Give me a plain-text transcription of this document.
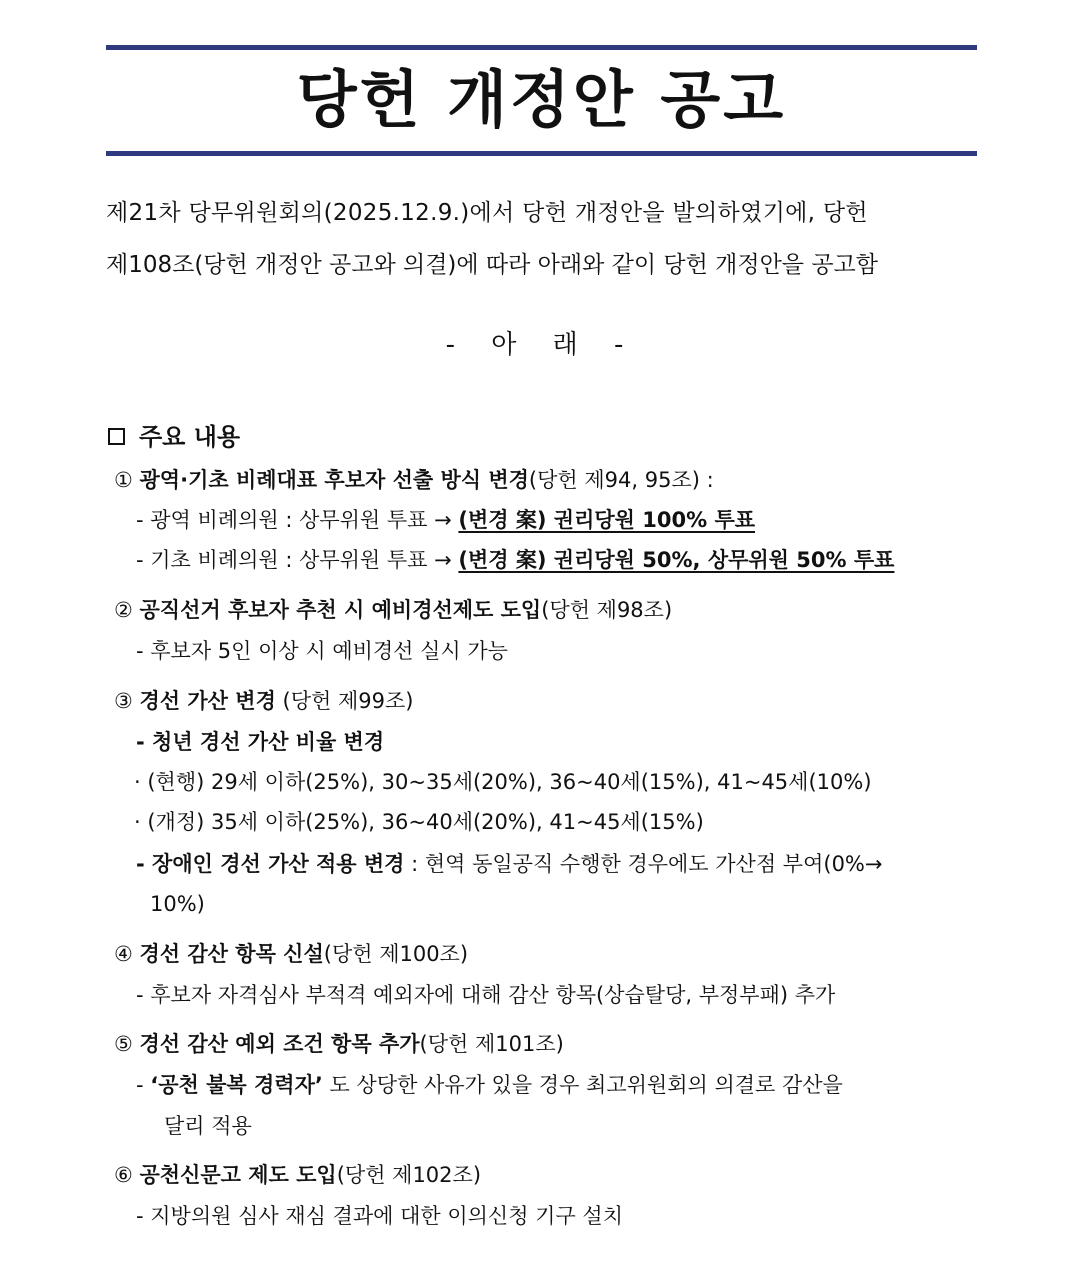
당헌 개정안 공고
제21차 당무위원회의(2025.12.9.)에서 당헌 개정안을 발의하였기에, 당헌
제108조(당헌 개정안 공고와 의결)에 따라 아래와 같이 당헌 개정안을 공고함
- 아 래 -
주요 내용
① 광역·기초 비례대표 후보자 선출 방식 변경(당헌 제94, 95조) :
- 광역 비례의원 : 상무위원 투표 → (변경 案) 권리당원 100% 투표
- 기초 비례의원 : 상무위원 투표 → (변경 案) 권리당원 50%, 상무위원 50% 투표
② 공직선거 후보자 추천 시 예비경선제도 도입(당헌 제98조)
- 후보자 5인 이상 시 예비경선 실시 가능
③ 경선 가산 변경 (당헌 제99조)
- 청년 경선 가산 비율 변경
· (현행) 29세 이하(25%), 30~35세(20%), 36~40세(15%), 41~45세(10%)
· (개정) 35세 이하(25%), 36~40세(20%), 41~45세(15%)
- 장애인 경선 가산 적용 변경 : 현역 동일공직 수행한 경우에도 가산점 부여(0%→
10%)
④ 경선 감산 항목 신설(당헌 제100조)
- 후보자 자격심사 부적격 예외자에 대해 감산 항목(상습탈당, 부정부패) 추가
⑤ 경선 감산 예외 조건 항목 추가(당헌 제101조)
- ‘공천 불복 경력자’ 도 상당한 사유가 있을 경우 최고위원회의 의결로 감산을
달리 적용
⑥ 공천신문고 제도 도입(당헌 제102조)
- 지방의원 심사 재심 결과에 대한 이의신청 기구 설치
